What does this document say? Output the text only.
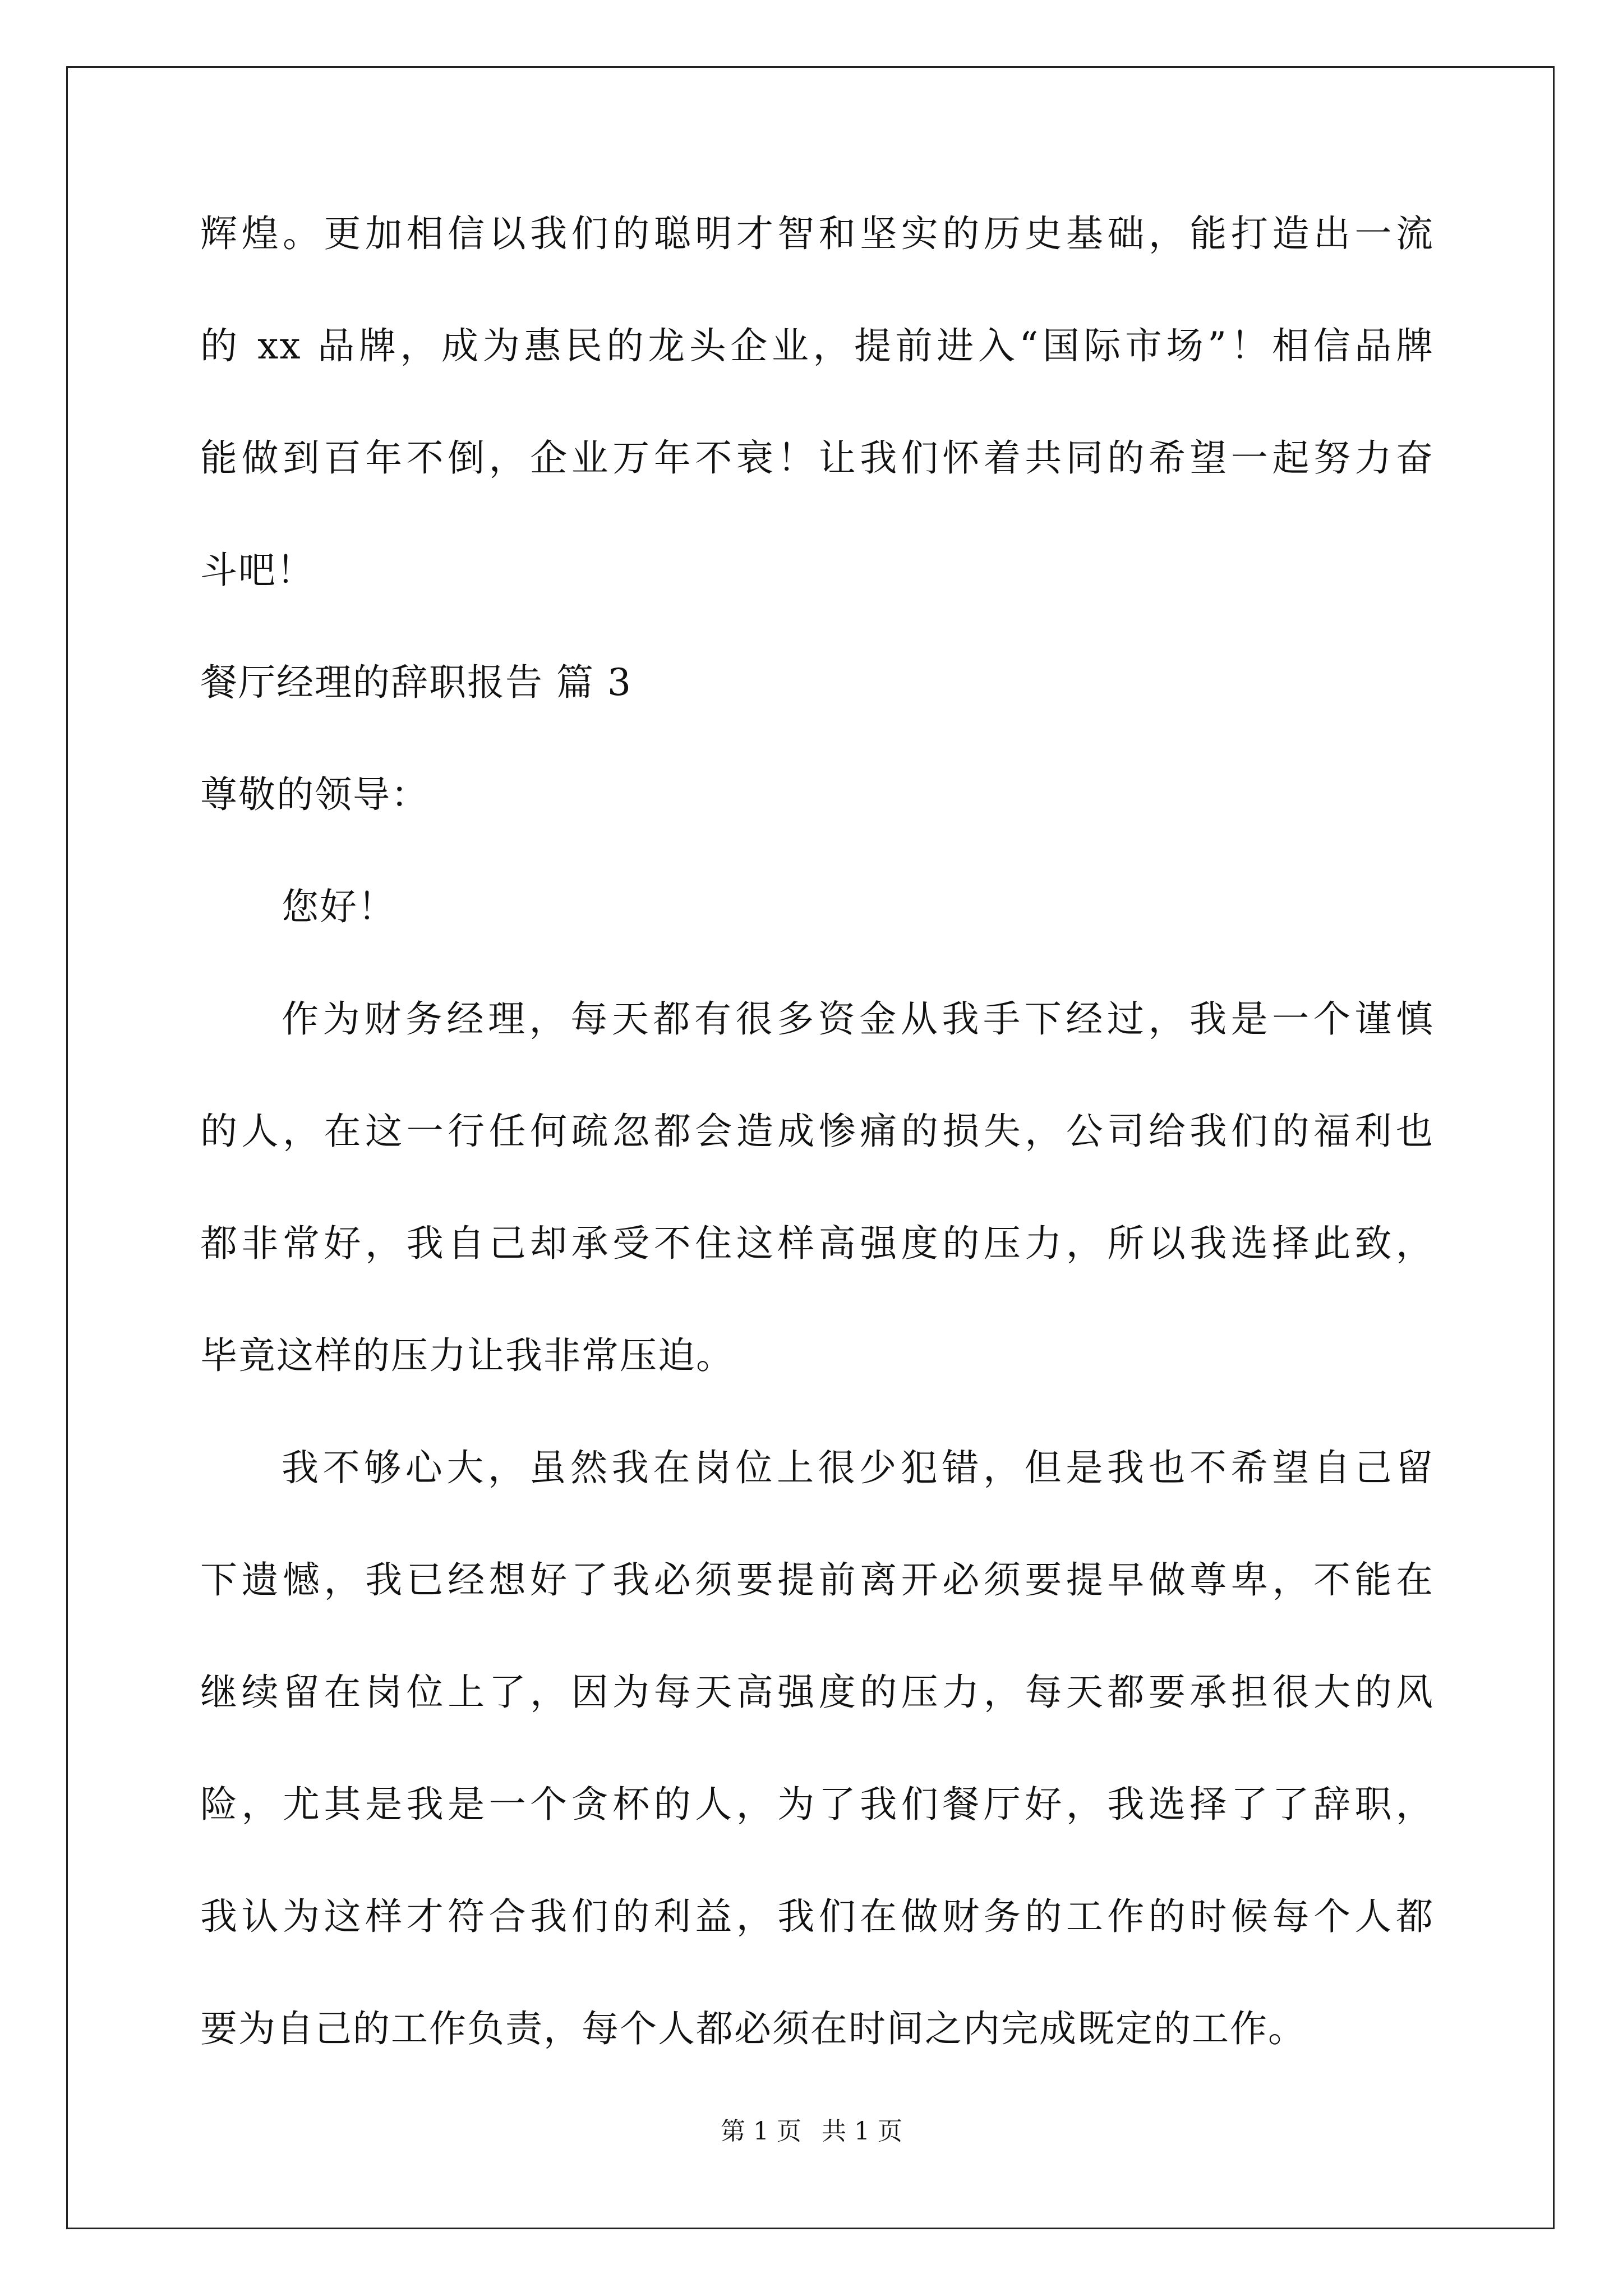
辉煌。更加相信以我们的聪明才智和坚实的历史基础，能打造出一流
的 xx 品牌，成为惠民的龙头企业，提前进入“国际市场”！相信品牌
能做到百年不倒，企业万年不衰！让我们怀着共同的希望一起努力奋
斗吧！
餐厅经理的辞职报告 篇 3
尊敬的领导：
您好！
作为财务经理，每天都有很多资金从我手下经过，我是一个谨慎
的人，在这一行任何疏忽都会造成惨痛的损失，公司给我们的福利也
都非常好，我自己却承受不住这样高强度的压力，所以我选择此致，
毕竟这样的压力让我非常压迫。
我不够心大，虽然我在岗位上很少犯错，但是我也不希望自己留
下遗憾，我已经想好了我必须要提前离开必须要提早做尊卑，不能在
继续留在岗位上了，因为每天高强度的压力，每天都要承担很大的风
险，尤其是我是一个贪杯的人，为了我们餐厅好，我选择了了辞职，
我认为这样才符合我们的利益，我们在做财务的工作的时候每个人都
要为自己的工作负责，每个人都必须在时间之内完成既定的工作。
第 1 页 共 1 页
